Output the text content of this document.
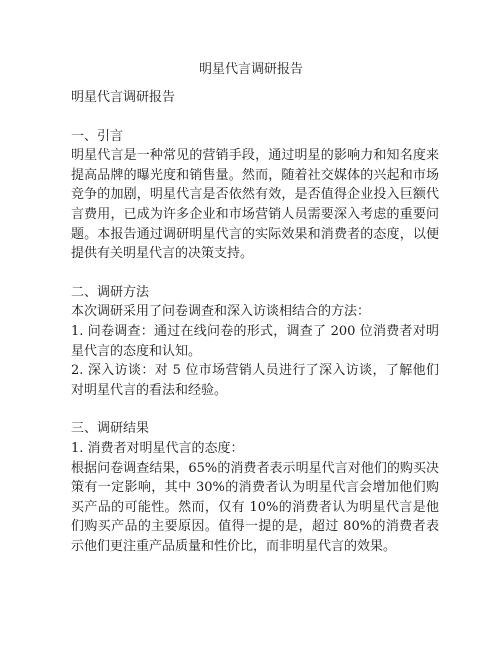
明星代言调研报告

明星代言调研报告

一、引言

明星代言是一种常见的营销手段，通过明星的影响力和知名度来提高品牌的曝光度和销售量。然而，随着社交媒体的兴起和市场竞争的加剧，明星代言是否依然有效，是否值得企业投入巨额代言费用，已成为许多企业和市场营销人员需要深入考虑的重要问题。本报告通过调研明星代言的实际效果和消费者的态度，以便提供有关明星代言的决策支持。

二、调研方法

本次调研采用了问卷调查和深入访谈相结合的方法：

1. 问卷调查：通过在线问卷的形式，调查了 200 位消费者对明星代言的态度和认知。

2. 深入访谈：对 5 位市场营销人员进行了深入访谈，了解他们对明星代言的看法和经验。

三、调研结果

1. 消费者对明星代言的态度：

根据问卷调查结果，65%的消费者表示明星代言对他们的购买决策有一定影响，其中 30%的消费者认为明星代言会增加他们购买产品的可能性。然而，仅有 10%的消费者认为明星代言是他们购买产品的主要原因。值得一提的是，超过 80%的消费者表示他们更注重产品质量和性价比，而非明星代言的效果。
